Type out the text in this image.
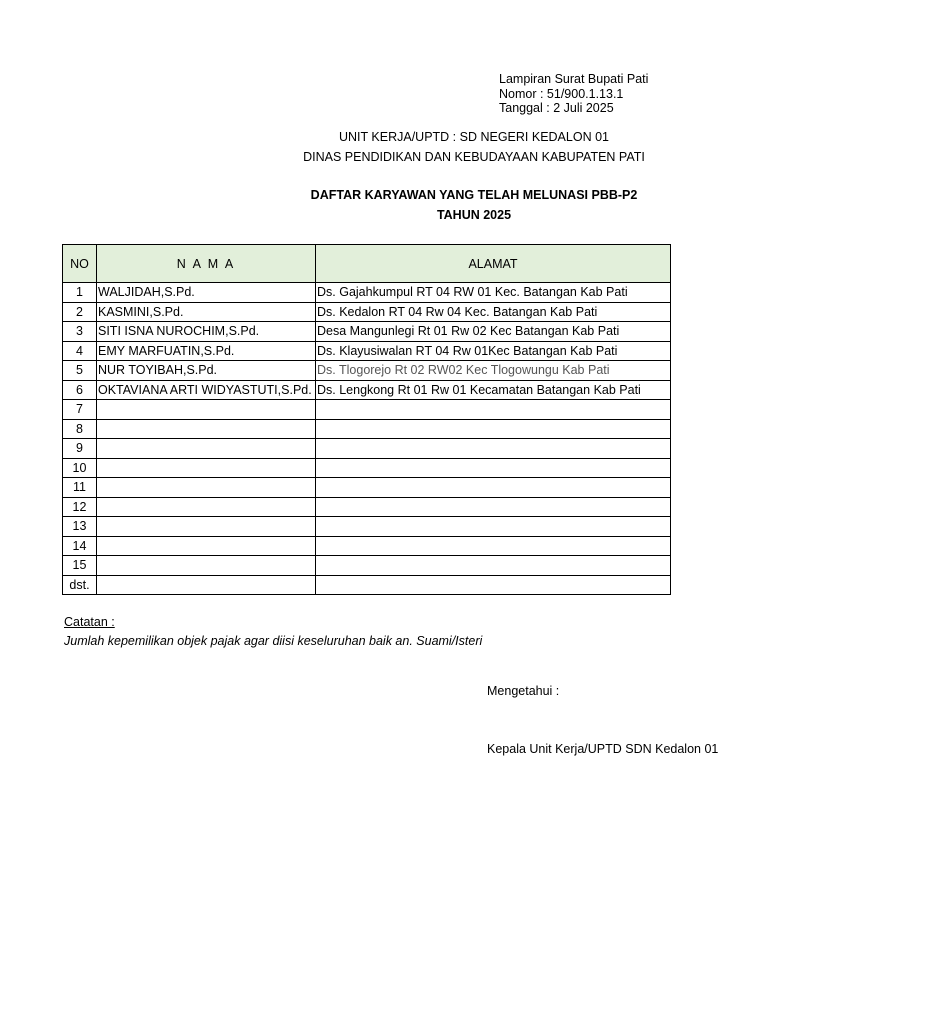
Lampiran Surat Bupati Pati
Nomor : 51/900.1.13.1
Tanggal : 2 Juli 2025
UNIT KERJA/UPTD : SD NEGERI KEDALON 01
DINAS PENDIDIKAN DAN KEBUDAYAAN KABUPATEN PATI
DAFTAR KARYAWAN YANG TELAH MELUNASI PBB-P2
TAHUN 2025
NO	N A M A	ALAMAT
1	WALJIDAH,S.Pd.	Ds. Gajahkumpul RT 04 RW 01 Kec. Batangan Kab Pati
2	KASMINI,S.Pd.	Ds. Kedalon RT 04 Rw 04 Kec. Batangan Kab Pati
3	SITI ISNA NUROCHIM,S.Pd.	Desa Mangunlegi Rt 01 Rw 02 Kec Batangan Kab Pati
4	EMY MARFUATIN,S.Pd.	Ds. Klayusiwalan RT 04 Rw 01Kec Batangan Kab Pati
5	NUR TOYIBAH,S.Pd.	Ds. Tlogorejo Rt 02 RW02 Kec Tlogowungu Kab Pati
6	OKTAVIANA ARTI WIDYASTUTI,S.Pd.	Ds. Lengkong Rt 01 Rw 01 Kecamatan Batangan Kab Pati
7		
8		
9		
10		
11		
12		
13		
14		
15		
dst.		
Catatan :
Jumlah kepemilikan objek pajak agar diisi keseluruhan baik an. Suami/Isteri
Mengetahui :
Kepala Unit Kerja/UPTD SDN Kedalon 01
